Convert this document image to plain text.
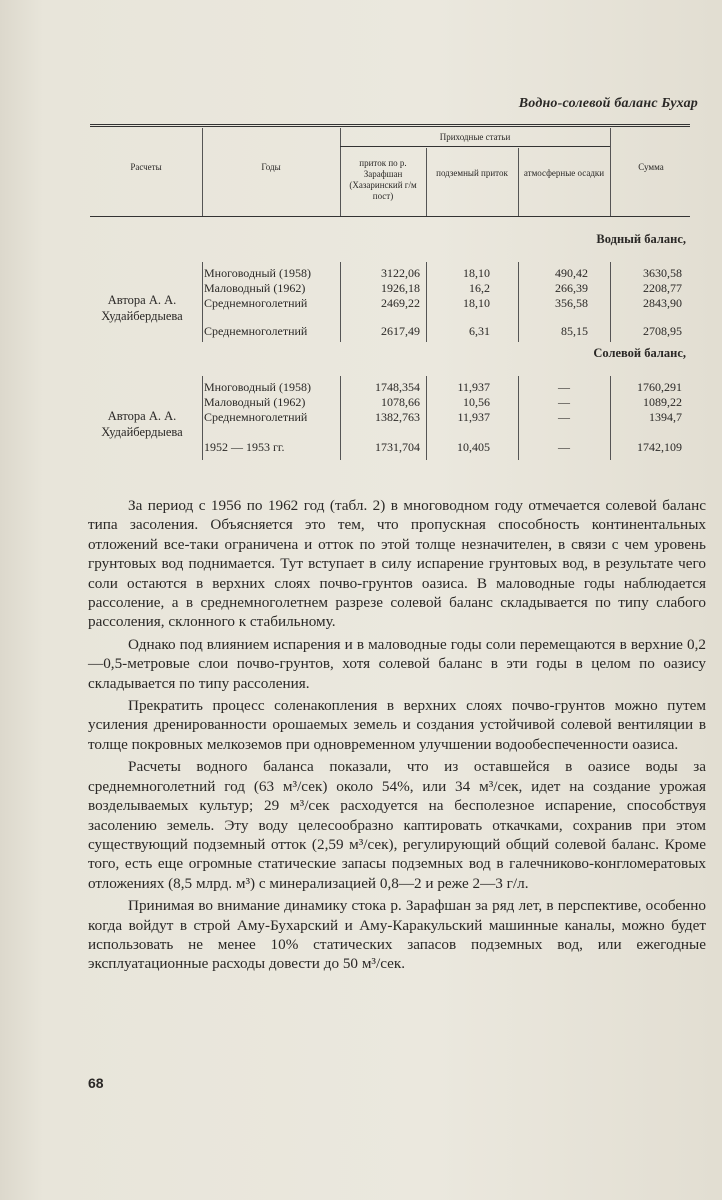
Водно-солевой баланс Бухар
Расчеты	Годы
Приходные статьи
приток по р. Зарафшан (Хазаринский г/м пост)
подземный приток	атмосферные осадки
Сумма
Водный баланс,
Автора А. А. Худайбердыева
Многоводный (1958)	3122,06	18,10	490,42	3630,58
Маловодный (1962)	1926,18	16,2	266,39	2208,77
Среднемноголетний	2469,22	18,10	356,58	2843,90
Среднемноголетний	2617,49	6,31	85,15	2708,95
Солевой баланс,
Автора А. А. Худайбердыева
Многоводный (1958)	1748,354	11,937	—	1760,291
Маловодный (1962)	1078,66	10,56	—	1089,22
Среднемноголетний	1382,763	11,937	—	1394,7
1952 — 1953 гг.	1731,704	10,405	—	1742,109

За период с 1956 по 1962 год (табл. 2) в многоводном году отмечается солевой баланс типа засоления. Объясняется это тем, что пропускная способность континентальных отложений все-таки ограничена и отток по этой толще незначителен, в связи с чем уровень грунтовых вод поднимается. Тут вступает в силу испарение грунтовых вод, в результате чего соли остаются в верхних слоях почво-грунтов оазиса. В маловодные годы наблюдается рассоление, а в среднемноголетнем разрезе солевой баланс складывается по типу слабого рассоления, склонного к стабильному.

Однако под влиянием испарения и в маловодные годы соли перемещаются в верхние 0,2—0,5-метровые слои почво-грунтов, хотя солевой баланс в эти годы в целом по оазису складывается по типу рассоления.

Прекратить процесс соленакопления в верхних слоях почво-грунтов можно путем усиления дренированности орошаемых земель и создания устойчивой солевой вентиляции в толще покровных мелкоземов при одновременном улучшении водообеспеченности оазиса.

Расчеты водного баланса показали, что из оставшейся в оазисе воды за среднемноголетний год (63 м³/сек) около 54%, или 34 м³/сек, идет на создание урожая возделываемых культур; 29 м³/сек расходуется на бесполезное испарение, способствуя засолению земель. Эту воду целесообразно каптировать откачками, сохранив при этом существующий подземный отток (2,59 м³/сек), регулирующий общий солевой баланс. Кроме того, есть еще огромные статические запасы подземных вод в галечниково-конгломератовых отложениях (8,5 млрд. м³) с минерализацией 0,8—2 и реже 2—3 г/л.

Принимая во внимание динамику стока р. Зарафшан за ряд лет, в перспективе, особенно когда войдут в строй Аму-Бухарский и Аму-Каракульский машинные каналы, можно будет использовать не менее 10% статических запасов подземных вод, или ежегодные эксплуатационные расходы довести до 50 м³/сек.

68
